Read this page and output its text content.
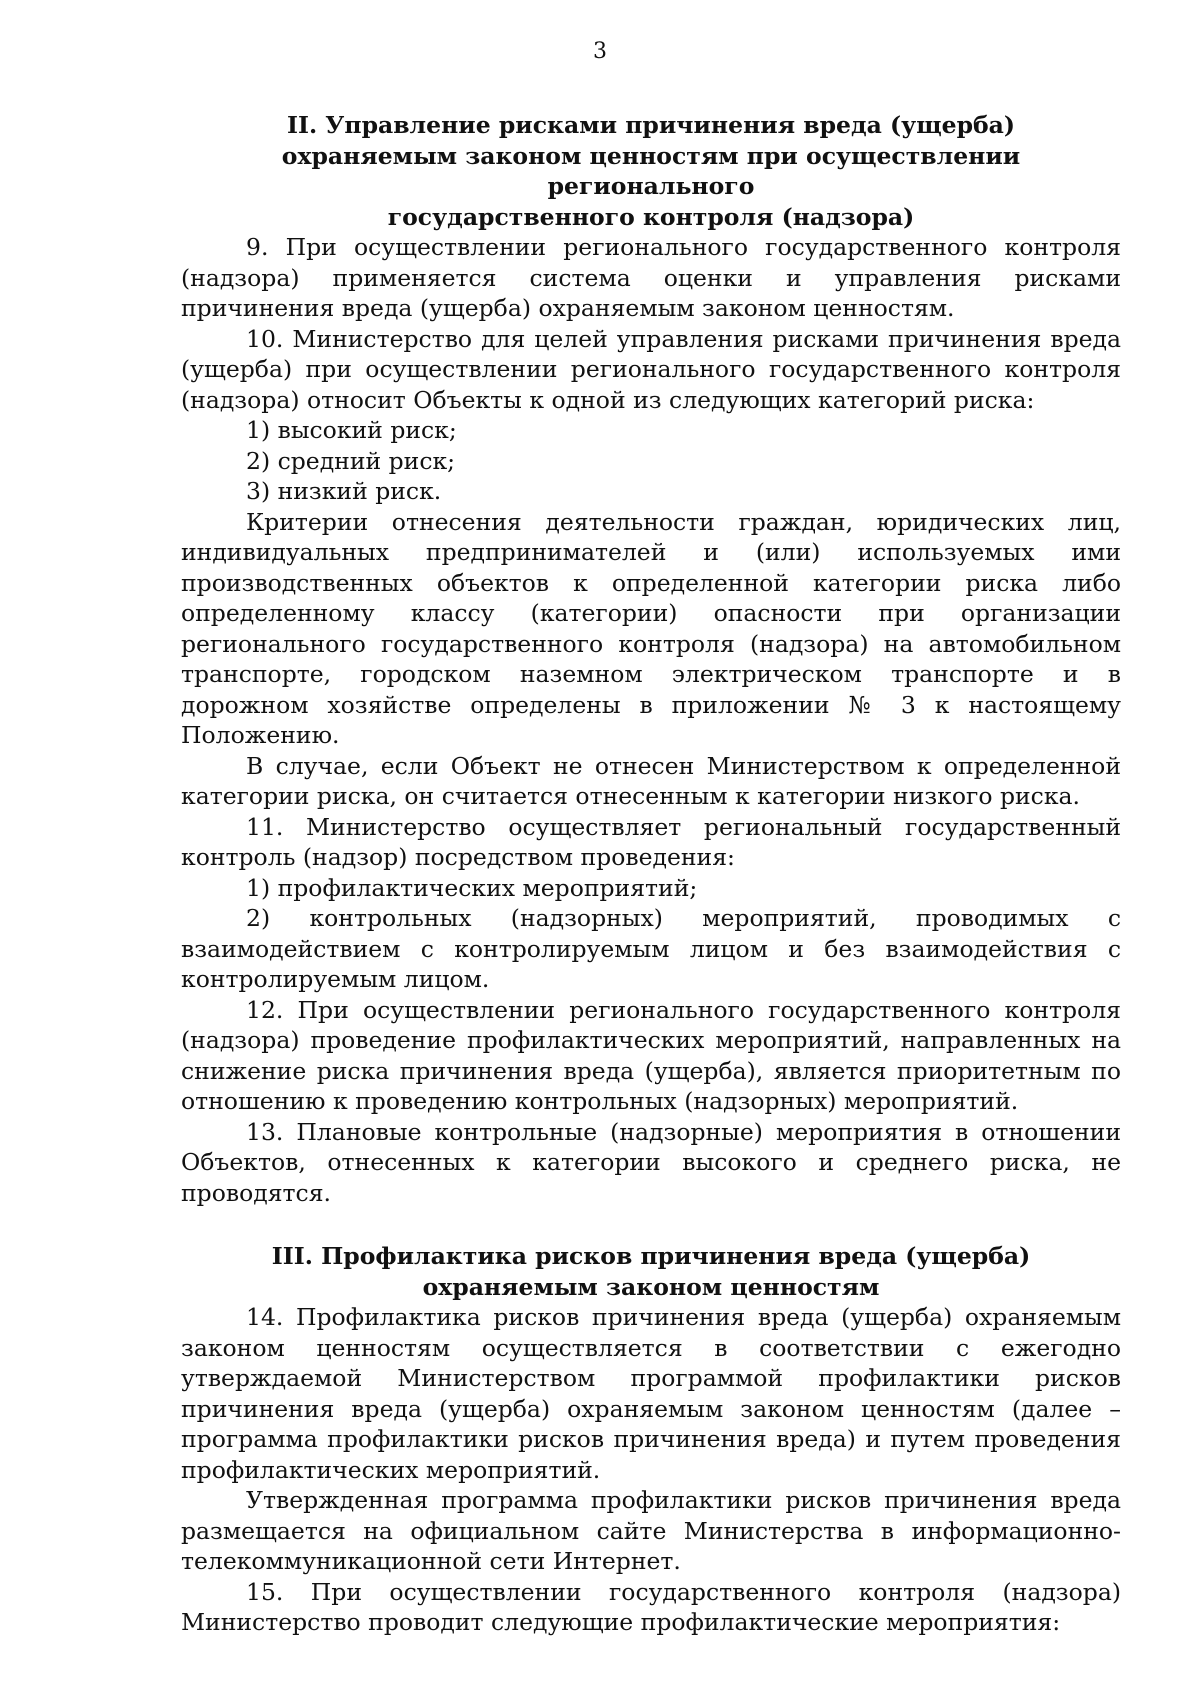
3
II. Управление рисками причинения вреда (ущерба)
охраняемым законом ценностям при осуществлении регионального
государственного контроля (надзора)

9. При осуществлении регионального государственного контроля (надзора) применяется система оценки и управления рисками причинения вреда (ущерба) охраняемым законом ценностям.

10. Министерство для целей управления рисками причинения вреда (ущерба) при осуществлении регионального государственного контроля (надзора) относит Объекты к одной из следующих категорий риска:

1) высокий риск;

2) средний риск;

3) низкий риск.

Критерии отнесения деятельности граждан, юридических лиц, индивидуальных предпринимателей и (или) используемых ими производственных объектов к определенной категории риска либо определенному классу (категории) опасности при организации регионального государственного контроля (надзора) на автомобильном транспорте, городском наземном электрическом транспорте и в дорожном хозяйстве определены в приложении № 3 к настоящему Положению.

В случае, если Объект не отнесен Министерством к определенной категории риска, он считается отнесенным к категории низкого риска.

11. Министерство осуществляет региональный государственный контроль (надзор) посредством проведения:

1) профилактических мероприятий;

2) контрольных (надзорных) мероприятий, проводимых с взаимодействием с контролируемым лицом и без взаимодействия с контролируемым лицом.

12. При осуществлении регионального государственного контроля (надзора) проведение профилактических мероприятий, направленных на снижение риска причинения вреда (ущерба), является приоритетным по отношению к проведению контрольных (надзорных) мероприятий.

13. Плановые контрольные (надзорные) мероприятия в отношении Объектов, отнесенных к категории высокого и среднего риска, не проводятся.

III. Профилактика рисков причинения вреда (ущерба)
охраняемым законом ценностям

14. Профилактика рисков причинения вреда (ущерба) охраняемым законом ценностям осуществляется в соответствии с ежегодно утверждаемой Министерством программой профилактики рисков причинения вреда (ущерба) охраняемым законом ценностям (далее – программа профилактики рисков причинения вреда) и путем проведения профилактических мероприятий.

Утвержденная программа профилактики рисков причинения вреда размещается на официальном сайте Министерства в информационно-телекоммуникационной сети Интернет.

15. При осуществлении государственного контроля (надзора) Министерство проводит следующие профилактические мероприятия:
